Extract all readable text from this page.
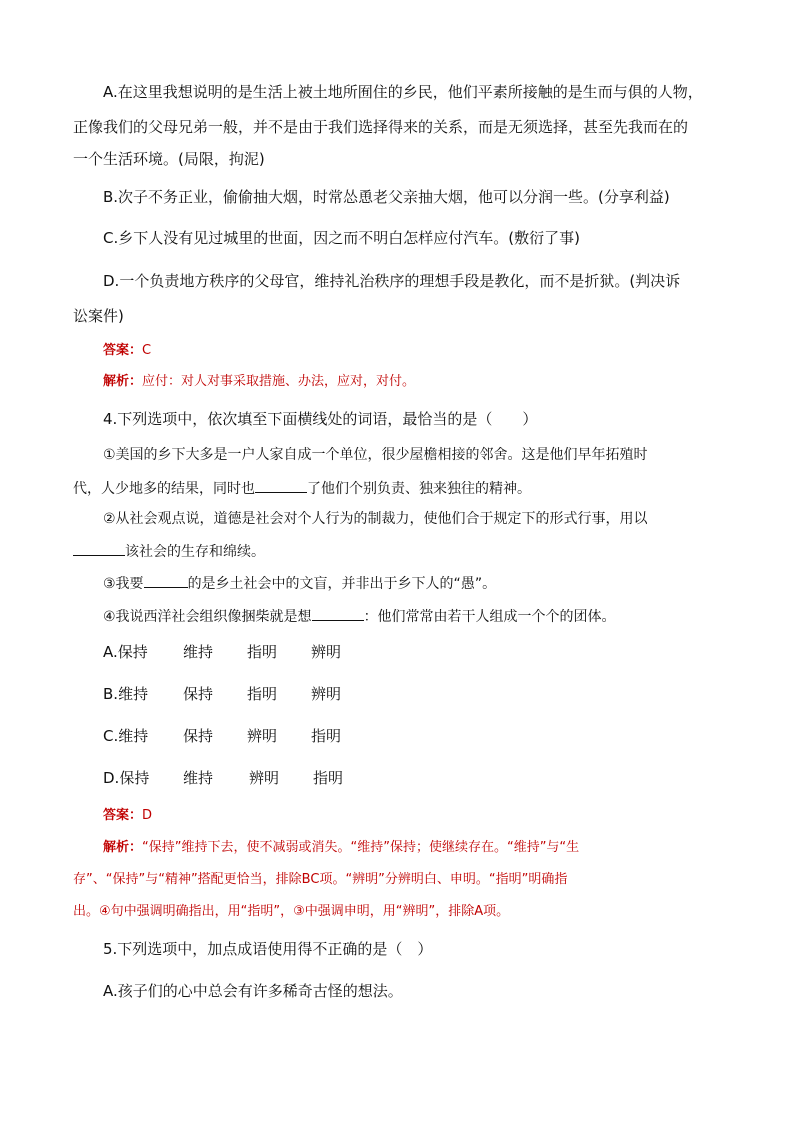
A.在这里我想说明的是生活上被土地所囿住的乡民，他们平素所接触的是生而与俱的人物，
正像我们的父母兄弟一般，并不是由于我们选择得来的关系，而是无须选择，甚至先我而在的
一个生活环境。(局限，拘泥)
B.次子不务正业，偷偷抽大烟，时常怂恿老父亲抽大烟，他可以分润一些。(分享利益)
C.乡下人没有见过城里的世面，因之而不明白怎样应付汽车。(敷衍了事)
D.一个负责地方秩序的父母官，维持礼治秩序的理想手段是教化，而不是折狱。(判决诉
讼案件)
答案：C
解析：应付：对人对事采取措施、办法，应对，对付。
4.下列选项中，依次填至下面横线处的词语，最恰当的是（　　）
①美国的乡下大多是一户人家自成一个单位，很少屋檐相接的邻舍。这是他们早年拓殖时
代，人少地多的结果，同时也	了他们个别负责、独来独往的精神。
②从社会观点说，道德是社会对个人行为的制裁力，使他们合于规定下的形式行事，用以
该社会的生存和绵续。
③我要	的是乡土社会中的文盲，并非出于乡下人的“愚”。
④我说西洋社会组织像捆柴就是想	：他们常常由若干人组成一个个的团体。
A.保持 维持 指明 辨明
B.维持 保持 指明 辨明
C.维持 保持 辨明 指明
D.保持 维持 辨明 指明
答案：D
解析：“保持”维持下去，使不减弱或消失。“维持”保持；使继续存在。“维持”与“生
存”、“保持”与“精神”搭配更恰当，排除BC项。“辨明”分辨明白、申明。“指明”明确指
出。④句中强调明确指出，用“指明”，③中强调申明，用“辨明”，排除A项。
5.下列选项中，加点成语使用得不正确的是（　）
A.孩子们的心中总会有许多稀奇古怪的想法。
